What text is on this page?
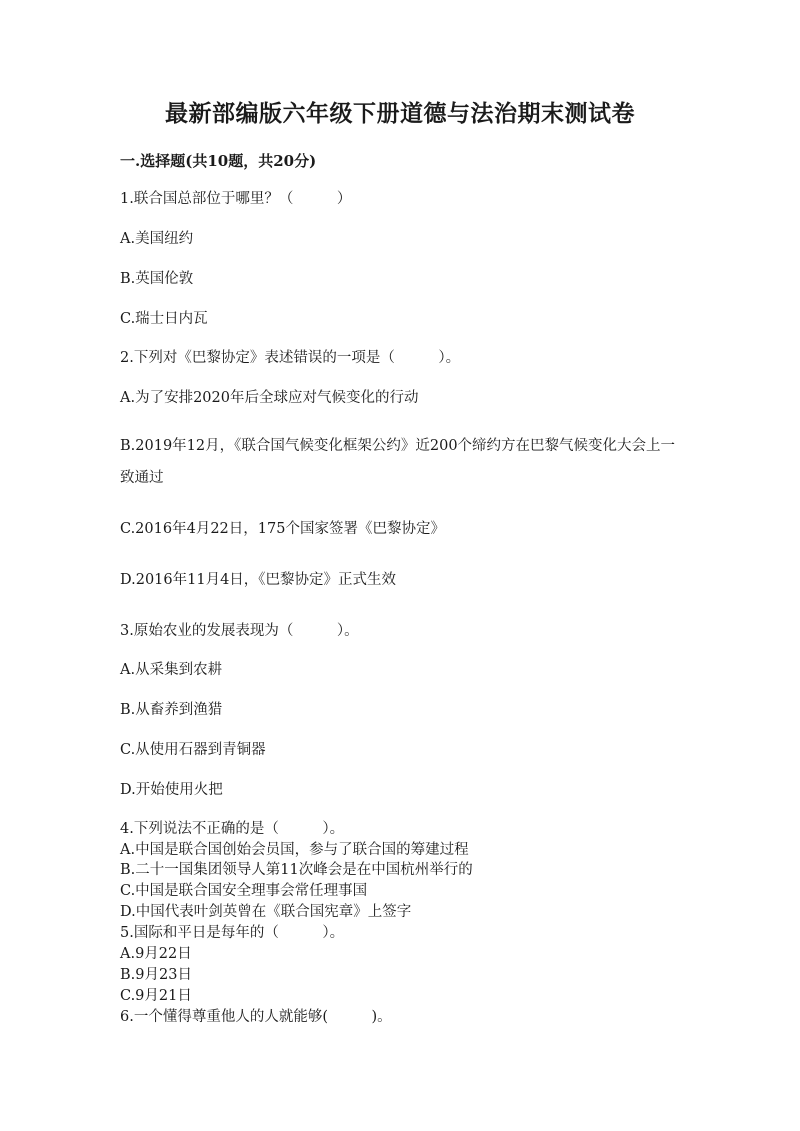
最新部编版六年级下册道德与法治期末测试卷
一.选择题(共10题，共20分)
1.联合国总部位于哪里？（　　　）
A.美国纽约
B.英国伦敦
C.瑞士日内瓦
2.下列对《巴黎协定》表述错误的一项是（　　　）。
A.为了安排2020年后全球应对气候变化的行动
B.2019年12月，《联合国气候变化框架公约》近200个缔约方在巴黎气候变化大会上一致通过
C.2016年4月22日，175个国家签署《巴黎协定》
D.2016年11月4日，《巴黎协定》正式生效
3.原始农业的发展表现为（　　　）。
A.从采集到农耕
B.从畜养到渔猎
C.从使用石器到青铜器
D.开始使用火把
4.下列说法不正确的是（　　　）。
A.中国是联合国创始会员国，参与了联合国的筹建过程
B.二十一国集团领导人第11次峰会是在中国杭州举行的
C.中国是联合国安全理事会常任理事国
D.中国代表叶剑英曾在《联合国宪章》上签字
5.国际和平日是每年的（　　　）。
A.9月22日
B.9月23日
C.9月21日
6.一个懂得尊重他人的人就能够(　　　)。
